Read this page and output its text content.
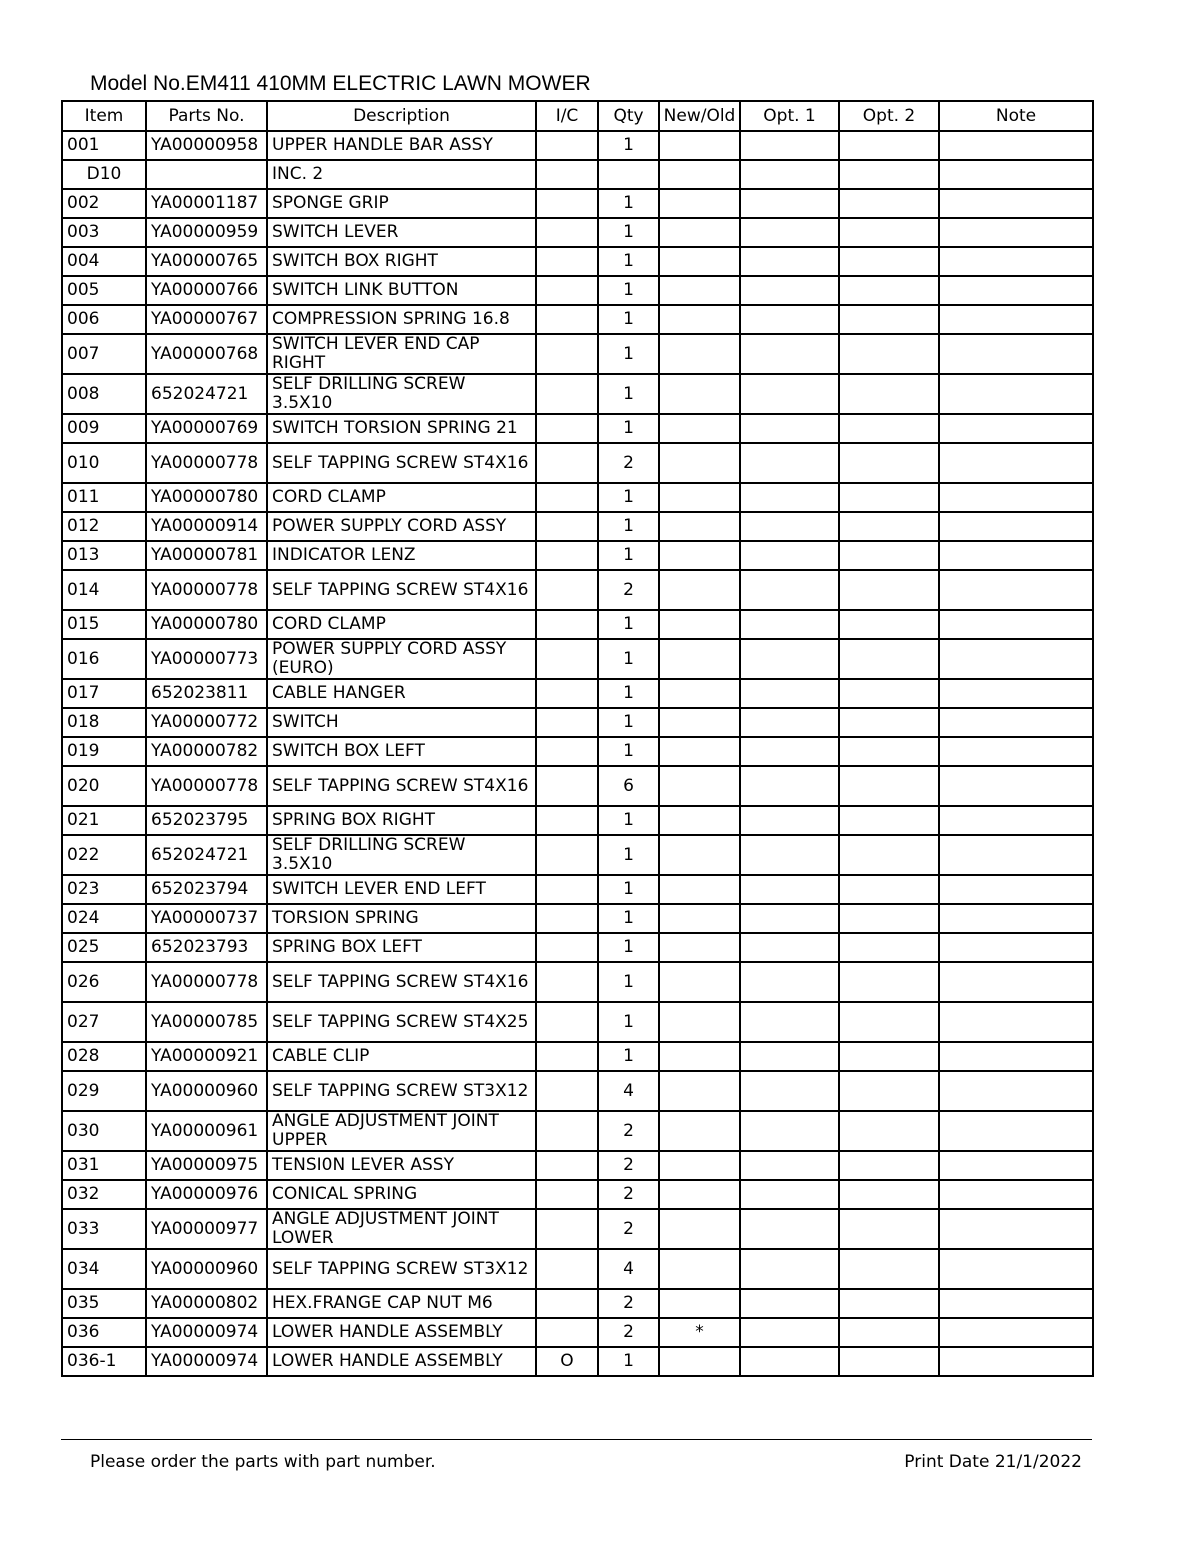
Model No.EM411 410MM ELECTRIC LAWN MOWER
Item	Parts No.	Description	I/C	Qty	New/Old	Opt. 1	Opt. 2	Note
001	YA00000958	UPPER HANDLE BAR ASSY		1				
D10		INC. 2						
002	YA00001187	SPONGE GRIP		1				
003	YA00000959	SWITCH LEVER		1				
004	YA00000765	SWITCH BOX RIGHT		1				
005	YA00000766	SWITCH LINK BUTTON		1				
006	YA00000767	COMPRESSION SPRING 16.8		1				
007	YA00000768	SWITCH LEVER END CAP RIGHT		1				
008	652024721	SELF DRILLING SCREW 3.5X10		1				
009	YA00000769	SWITCH TORSION SPRING 21		1				
010	YA00000778	SELF TAPPING SCREW ST4X16		2				
011	YA00000780	CORD CLAMP		1				
012	YA00000914	POWER SUPPLY CORD ASSY		1				
013	YA00000781	INDICATOR LENZ		1				
014	YA00000778	SELF TAPPING SCREW ST4X16		2				
015	YA00000780	CORD CLAMP		1				
016	YA00000773	POWER SUPPLY CORD ASSY (EURO)		1				
017	652023811	CABLE HANGER		1				
018	YA00000772	SWITCH		1				
019	YA00000782	SWITCH BOX LEFT		1				
020	YA00000778	SELF TAPPING SCREW ST4X16		6				
021	652023795	SPRING BOX RIGHT		1				
022	652024721	SELF DRILLING SCREW 3.5X10		1				
023	652023794	SWITCH LEVER END LEFT		1				
024	YA00000737	TORSION SPRING		1				
025	652023793	SPRING BOX LEFT		1				
026	YA00000778	SELF TAPPING SCREW ST4X16		1				
027	YA00000785	SELF TAPPING SCREW ST4X25		1				
028	YA00000921	CABLE CLIP		1				
029	YA00000960	SELF TAPPING SCREW ST3X12		4				
030	YA00000961	ANGLE ADJUSTMENT JOINT UPPER		2				
031	YA00000975	TENSI0N LEVER ASSY		2				
032	YA00000976	CONICAL SPRING		2				
033	YA00000977	ANGLE ADJUSTMENT JOINT LOWER		2				
034	YA00000960	SELF TAPPING SCREW ST3X12		4				
035	YA00000802	HEX.FRANGE CAP NUT M6		2				
036	YA00000974	LOWER HANDLE ASSEMBLY		2	*			
036-1	YA00000974	LOWER HANDLE ASSEMBLY	O	1				
Please order the parts with part number.	Print Date 21/1/2022
